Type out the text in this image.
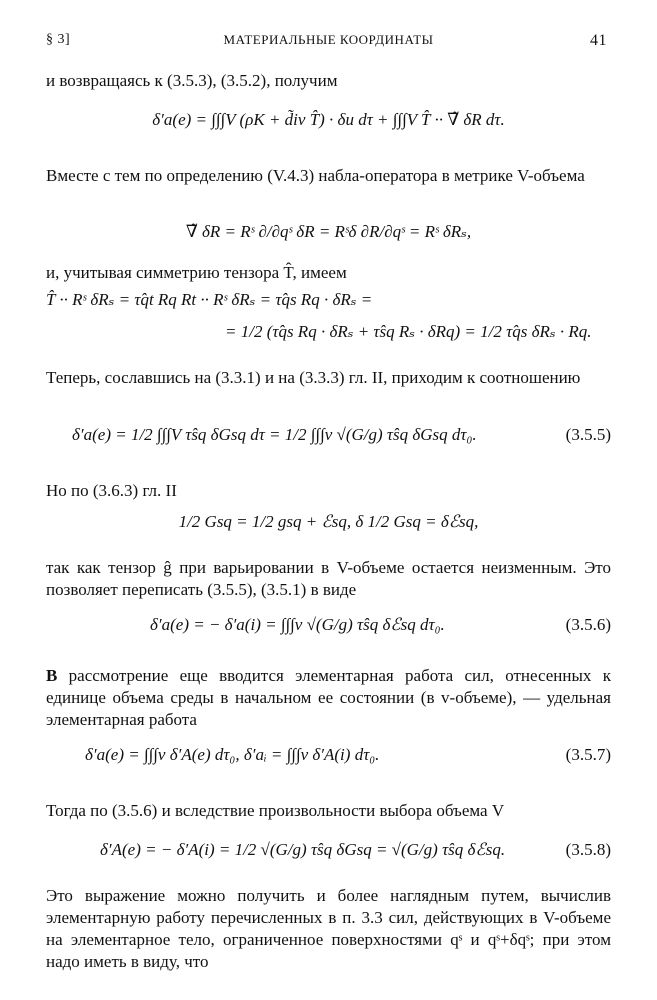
§ 3]	МАТЕРИАЛЬНЫЕ КООРДИНАТЫ	41
и возвращаясь к (3.5.3), (3.5.2), получим
δ′a(e) = ∫∫∫V (ρK + d̃iv T̂) · δu dτ + ∫∫∫V T̂ ·· ∇̃ δR dτ.
Вместе с тем по определению (V.4.3) набла-оператора в метрике V-объема
∇̃ δR = Rˢ ∂/∂qˢ δR = Rˢδ ∂R/∂qˢ = Rˢ δRₛ,
и, учитывая симметрию тензора T̂, имеем
T̂ ·· Rˢ δRₛ = τ̂qt Rq Rt ·· Rˢ δRₛ = τ̂qs Rq · δRₛ =
= 1/2 (τ̂qs Rq · δRₛ + τ̂sq Rₛ · δRq) = 1/2 τ̂qs δRₛ · Rq.
Теперь, сославшись на (3.3.1) и на (3.3.3) гл. II, приходим к соотношению
δ′a(e) = 1/2 ∫∫∫V τ̂sq δGsq dτ = 1/2 ∫∫∫v √(G/g) τ̂sq δGsq dτ₀.	(3.5.5)
Но по (3.6.3) гл. II
1/2 Gsq = 1/2 gsq + ℰsq, δ 1/2 Gsq = δℰsq,
так как тензор ĝ при варьировании в V-объеме остается неизменным. Это позволяет переписать (3.5.5), (3.5.1) в виде
δ′a(e) = − δ′a(i) = ∫∫∫v √(G/g) τ̂sq δℰsq dτ₀.	(3.5.6)
В рассмотрение еще вводится элементарная работа сил, отнесенных к единице объема среды в начальном ее состоянии (в v-объеме), — удельная элементарная работа
δ′a(e) = ∫∫∫v δ′A(e) dτ₀, δ′aᵢ = ∫∫∫v δ′A(i) dτ₀.	(3.5.7)
Тогда по (3.5.6) и вследствие произвольности выбора объема V
δ′A(e) = − δ′A(i) = 1/2 √(G/g) τ̂sq δGsq = √(G/g) τ̂sq δℰsq.	(3.5.8)
Это выражение можно получить и более наглядным путем, вычислив элементарную работу перечисленных в п. 3.3 сил, действующих в V-объеме на элементарное тело, ограниченное поверхностями qˢ и qˢ+δqˢ; при этом надо иметь в виду, что
